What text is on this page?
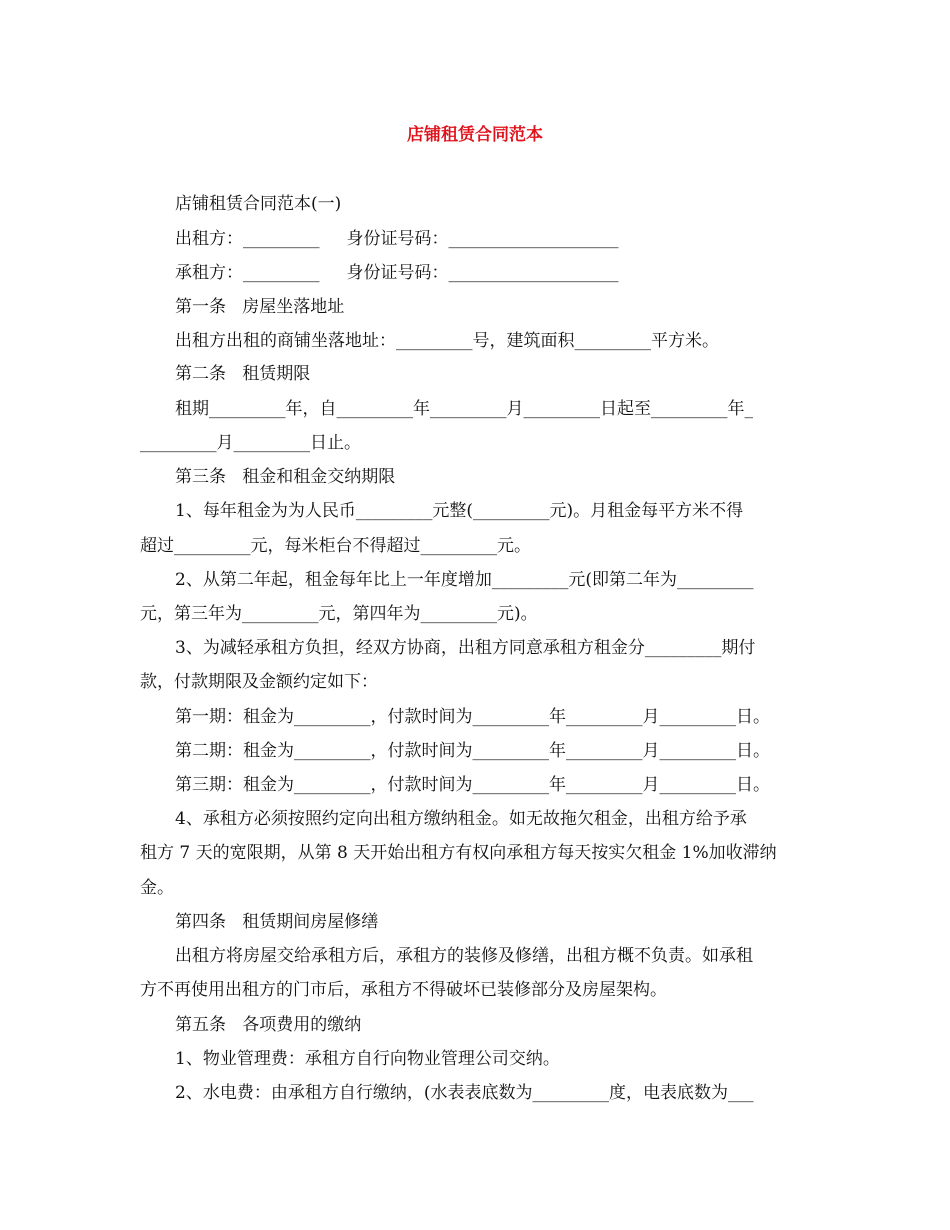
店铺租赁合同范本
店铺租赁合同范本(一)
出租方：_________     身份证号码：____________________
承租方：_________     身份证号码：____________________
第一条   房屋坐落地址
出租方出租的商铺坐落地址：_________号，建筑面积_________平方米。
第二条   租赁期限
租期_________年，自_________年_________月_________日起至_________年_
_________月_________日止。
第三条   租金和租金交纳期限
1、每年租金为为人民币_________元整(_________元)。月租金每平方米不得
超过_________元，每米柜台不得超过_________元。
2、从第二年起，租金每年比上一年度增加_________元(即第二年为_________
元，第三年为_________元，第四年为_________元)。
3、为减轻承租方负担，经双方协商，出租方同意承租方租金分_________期付
款，付款期限及金额约定如下：
第一期：租金为_________，付款时间为_________年_________月_________日。
第二期：租金为_________，付款时间为_________年_________月_________日。
第三期：租金为_________，付款时间为_________年_________月_________日。
4、承租方必须按照约定向出租方缴纳租金。如无故拖欠租金，出租方给予承
租方 7 天的宽限期，从第 8 天开始出租方有权向承租方每天按实欠租金 1%加收滞纳
金。
第四条   租赁期间房屋修缮
出租方将房屋交给承租方后，承租方的装修及修缮，出租方概不负责。如承租
方不再使用出租方的门市后，承租方不得破坏已装修部分及房屋架构。
第五条   各项费用的缴纳
1、物业管理费：承租方自行向物业管理公司交纳。
2、水电费：由承租方自行缴纳，(水表表底数为_________度，电表底数为___
